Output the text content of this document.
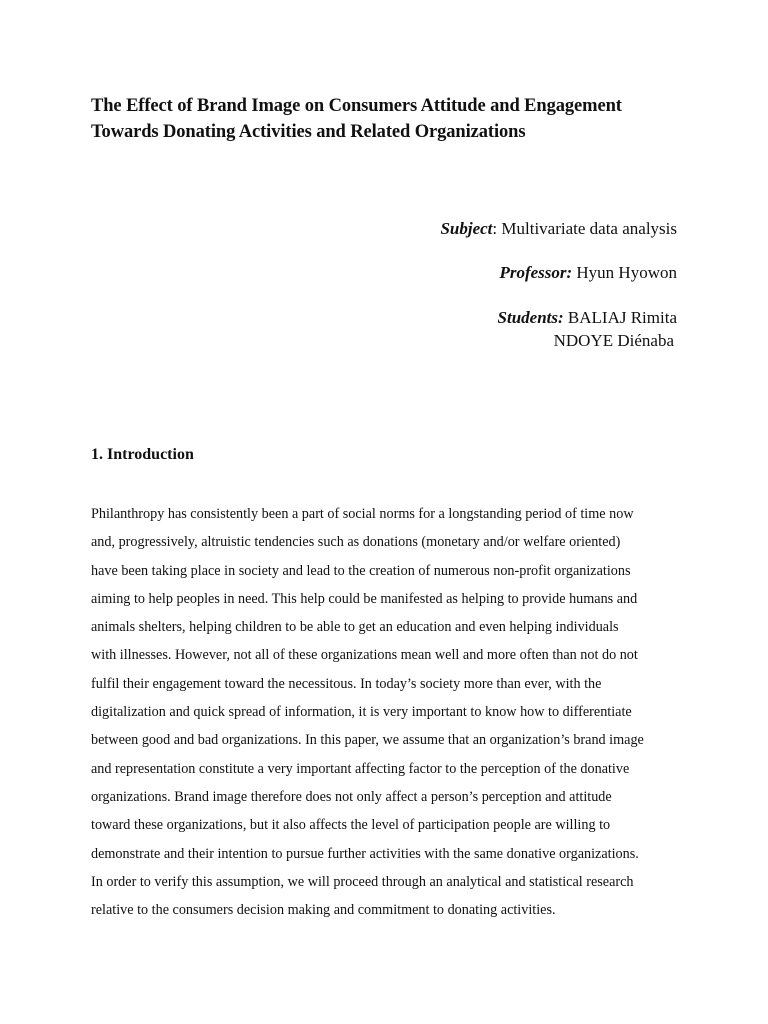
The Effect of Brand Image on Consumers Attitude and Engagement
Towards Donating Activities and Related Organizations
Subject: Multivariate data analysis
Professor: Hyun Hyowon
Students: BALIAJ Rimita
NDOYE Diénaba
1. Introduction
Philanthropy has consistently been a part of social norms for a longstanding period of time now
and, progressively, altruistic tendencies such as donations (monetary and/or welfare oriented)
have been taking place in society and lead to the creation of numerous non-profit organizations
aiming to help peoples in need. This help could be manifested as helping to provide humans and
animals shelters, helping children to be able to get an education and even helping individuals
with illnesses. However, not all of these organizations mean well and more often than not do not
fulfil their engagement toward the necessitous. In today’s society more than ever, with the
digitalization and quick spread of information, it is very important to know how to differentiate
between good and bad organizations. In this paper, we assume that an organization’s brand image
and representation constitute a very important affecting factor to the perception of the donative
organizations. Brand image therefore does not only affect a person’s perception and attitude
toward these organizations, but it also affects the level of participation people are willing to
demonstrate and their intention to pursue further activities with the same donative organizations.
In order to verify this assumption, we will proceed through an analytical and statistical research
relative to the consumers decision making and commitment to donating activities.
